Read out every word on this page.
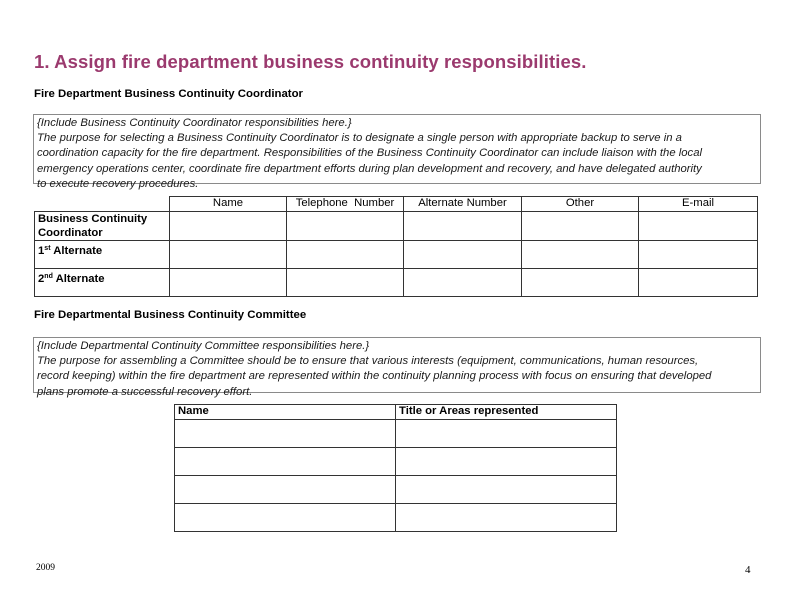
1. Assign fire department business continuity responsibilities.
Fire Department Business Continuity Coordinator
{Include Business Continuity Coordinator responsibilities here.}
The purpose for selecting a Business Continuity Coordinator is to designate a single person with appropriate backup to serve in a
coordination capacity for the fire department. Responsibilities of the Business Continuity Coordinator can include liaison with the local
emergency operations center, coordinate fire department efforts during plan development and recovery, and have delegated authority
to execute recovery procedures.
	Name	Telephone  Number	Alternate Number	Other	E-mail
Business Continuity
Coordinator					
1st Alternate					
2nd Alternate					
Fire Departmental Business Continuity Committee
{Include Departmental Continuity Committee responsibilities here.}
The purpose for assembling a Committee should be to ensure that various interests (equipment, communications, human resources,
record keeping) within the fire department are represented within the continuity planning process with focus on ensuring that developed
plans promote a successful recovery effort.
Name	Title or Areas represented

2009	4
